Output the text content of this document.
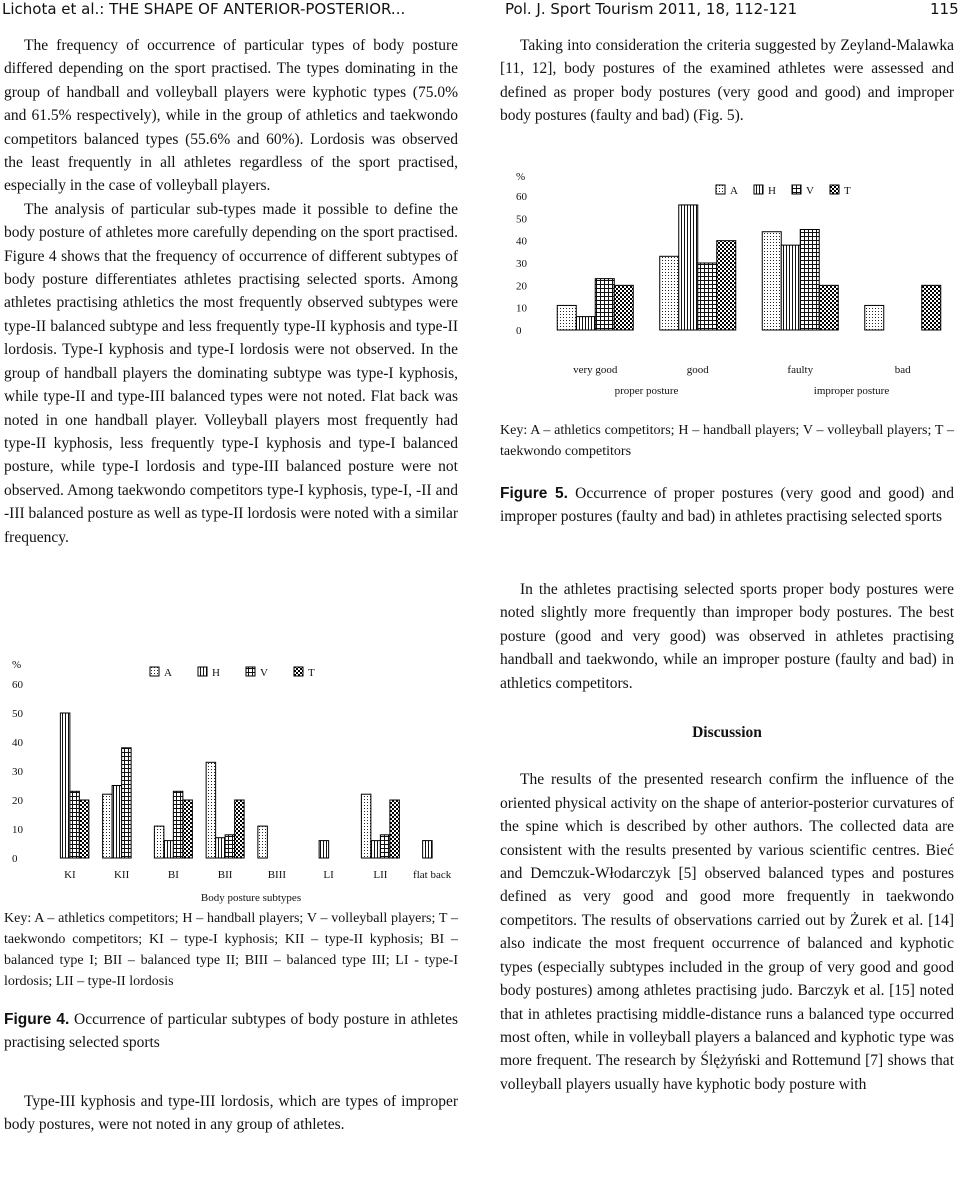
Lichota et al.: THE SHAPE OF ANTERIOR-POSTERIOR...	Pol. J. Sport Tourism 2011, 18, 112-121	115

The frequency of occurrence of particular types of body posture differed depending on the sport practised. The types dominating in the group of handball and volleyball players were kyphotic types (75.0% and 61.5% respectively), while in the group of athletics and taekwondo competitors balanced types (55.6% and 60%). Lordosis was observed the least frequently in all athletes regardless of the sport practised, especially in the case of volleyball players.

The analysis of particular sub-types made it possible to define the body posture of athletes more carefully depending on the sport practised. Figure 4 shows that the frequency of occurrence of different subtypes of body posture differentiates athletes practising selected sports. Among athletes practising athletics the most frequently observed subtypes were type-II balanced subtype and less frequently type-II kyphosis and type-II lordosis. Type-I kyphosis and type-I lordosis were not observed. In the group of handball players the dominating subtype was type-I kyphosis, while type-II and type-III balanced types were not noted. Flat back was noted in one handball player. Volleyball players most frequently had type-II kyphosis, less frequently type-I kyphosis and type-I balanced posture, while type-I lordosis and type-III balanced posture were not observed. Among taekwondo competitors type-I kyphosis, type-I, -II and -III balanced posture as well as type-II lordosis were noted with a similar frequency.

%
0
10
20
30
40
50
60
KI	KII	BI	BII	BIII	LI	LII flat back
Body posture subtypes
A	H	V	T

Key: A – athletics competitors; H – handball players; V – volleyball players; T – taekwondo competitors; KI – type-I kyphosis; KII – type-II kyphosis; BI – balanced type I; BII – balanced type II; BIII – balanced type III; LI - type-I lordosis; LII – type-II lordosis

Figure 4. Occurrence of particular subtypes of body posture in athletes practising selected sports

Type-III kyphosis and type-III lordosis, which are types of improper body postures, were not noted in any group of athletes.

Taking into consideration the criteria suggested by Zeyland-Malawka [11, 12], body postures of the examined athletes were assessed and defined as proper body postures (very good and good) and improper body postures (faulty and bad) (Fig. 5).

%
0
10
20
30
40
50
60
very good	good	faulty	bad
proper posture	improper posture
A	H	V	T

Key: A – athletics competitors; H – handball players; V – volleyball players; T – taekwondo competitors

Figure 5. Occurrence of proper postures (very good and good) and improper postures (faulty and bad) in athletes practising selected sports

In the athletes practising selected sports proper body postures were noted slightly more frequently than improper body postures. The best posture (good and very good) was observed in athletes practising handball and taekwondo, while an improper posture (faulty and bad) in athletics competitors.

Discussion

The results of the presented research confirm the influence of the oriented physical activity on the shape of anterior-posterior curvatures of the spine which is described by other authors. The collected data are consistent with the results presented by various scientific centres. Bieć and Demczuk-Włodarczyk [5] observed balanced types and postures defined as very good and good more frequently in taekwondo competitors. The results of observations carried out by Żurek et al. [14] also indicate the most frequent occurrence of balanced and kyphotic types (especially subtypes included in the group of very good and good body postures) among athletes practising judo. Barczyk et al. [15] noted that in athletes practising middle-distance runs a balanced type occurred most often, while in volleyball players a balanced and kyphotic type was more frequent. The research by Ślężyński and Rottemund [7] shows that volleyball players usually have kyphotic body posture with
